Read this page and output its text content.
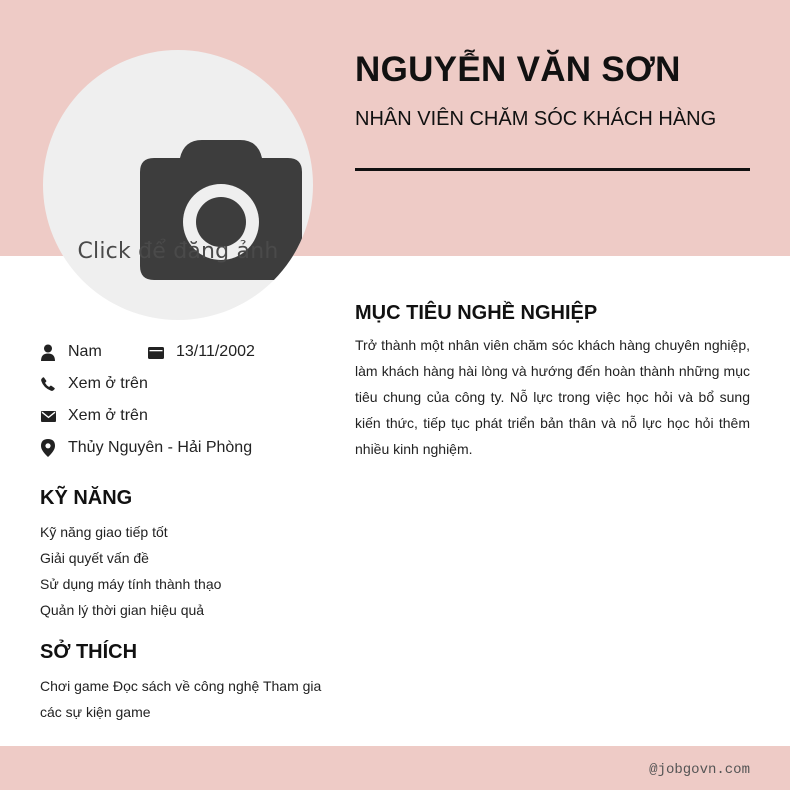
Click để đăng ảnh
NGUYỄN VĂN SƠN
NHÂN VIÊN CHĂM SÓC KHÁCH HÀNG
Nam	13/11/2002
Xem ở trên
Xem ở trên
Thủy Nguyên - Hải Phòng
KỸ NĂNG
Kỹ năng giao tiếp tốt
Giải quyết vấn đề
Sử dụng máy tính thành thạo
Quản lý thời gian hiệu quả
SỞ THÍCH
Chơi game Đọc sách về công nghệ Tham gia
các sự kiện game
MỤC TIÊU NGHỀ NGHIỆP

Trở thành một nhân viên chăm sóc khách hàng chuyên nghiệp, làm khách hàng hài lòng và hướng đến hoàn thành những mục tiêu chung của công ty. Nỗ lực trong việc học hỏi và bổ sung kiến thức, tiếp tục phát triển bản thân và nỗ lực học hỏi thêm nhiều kinh nghiệm.

@jobgovn.com
